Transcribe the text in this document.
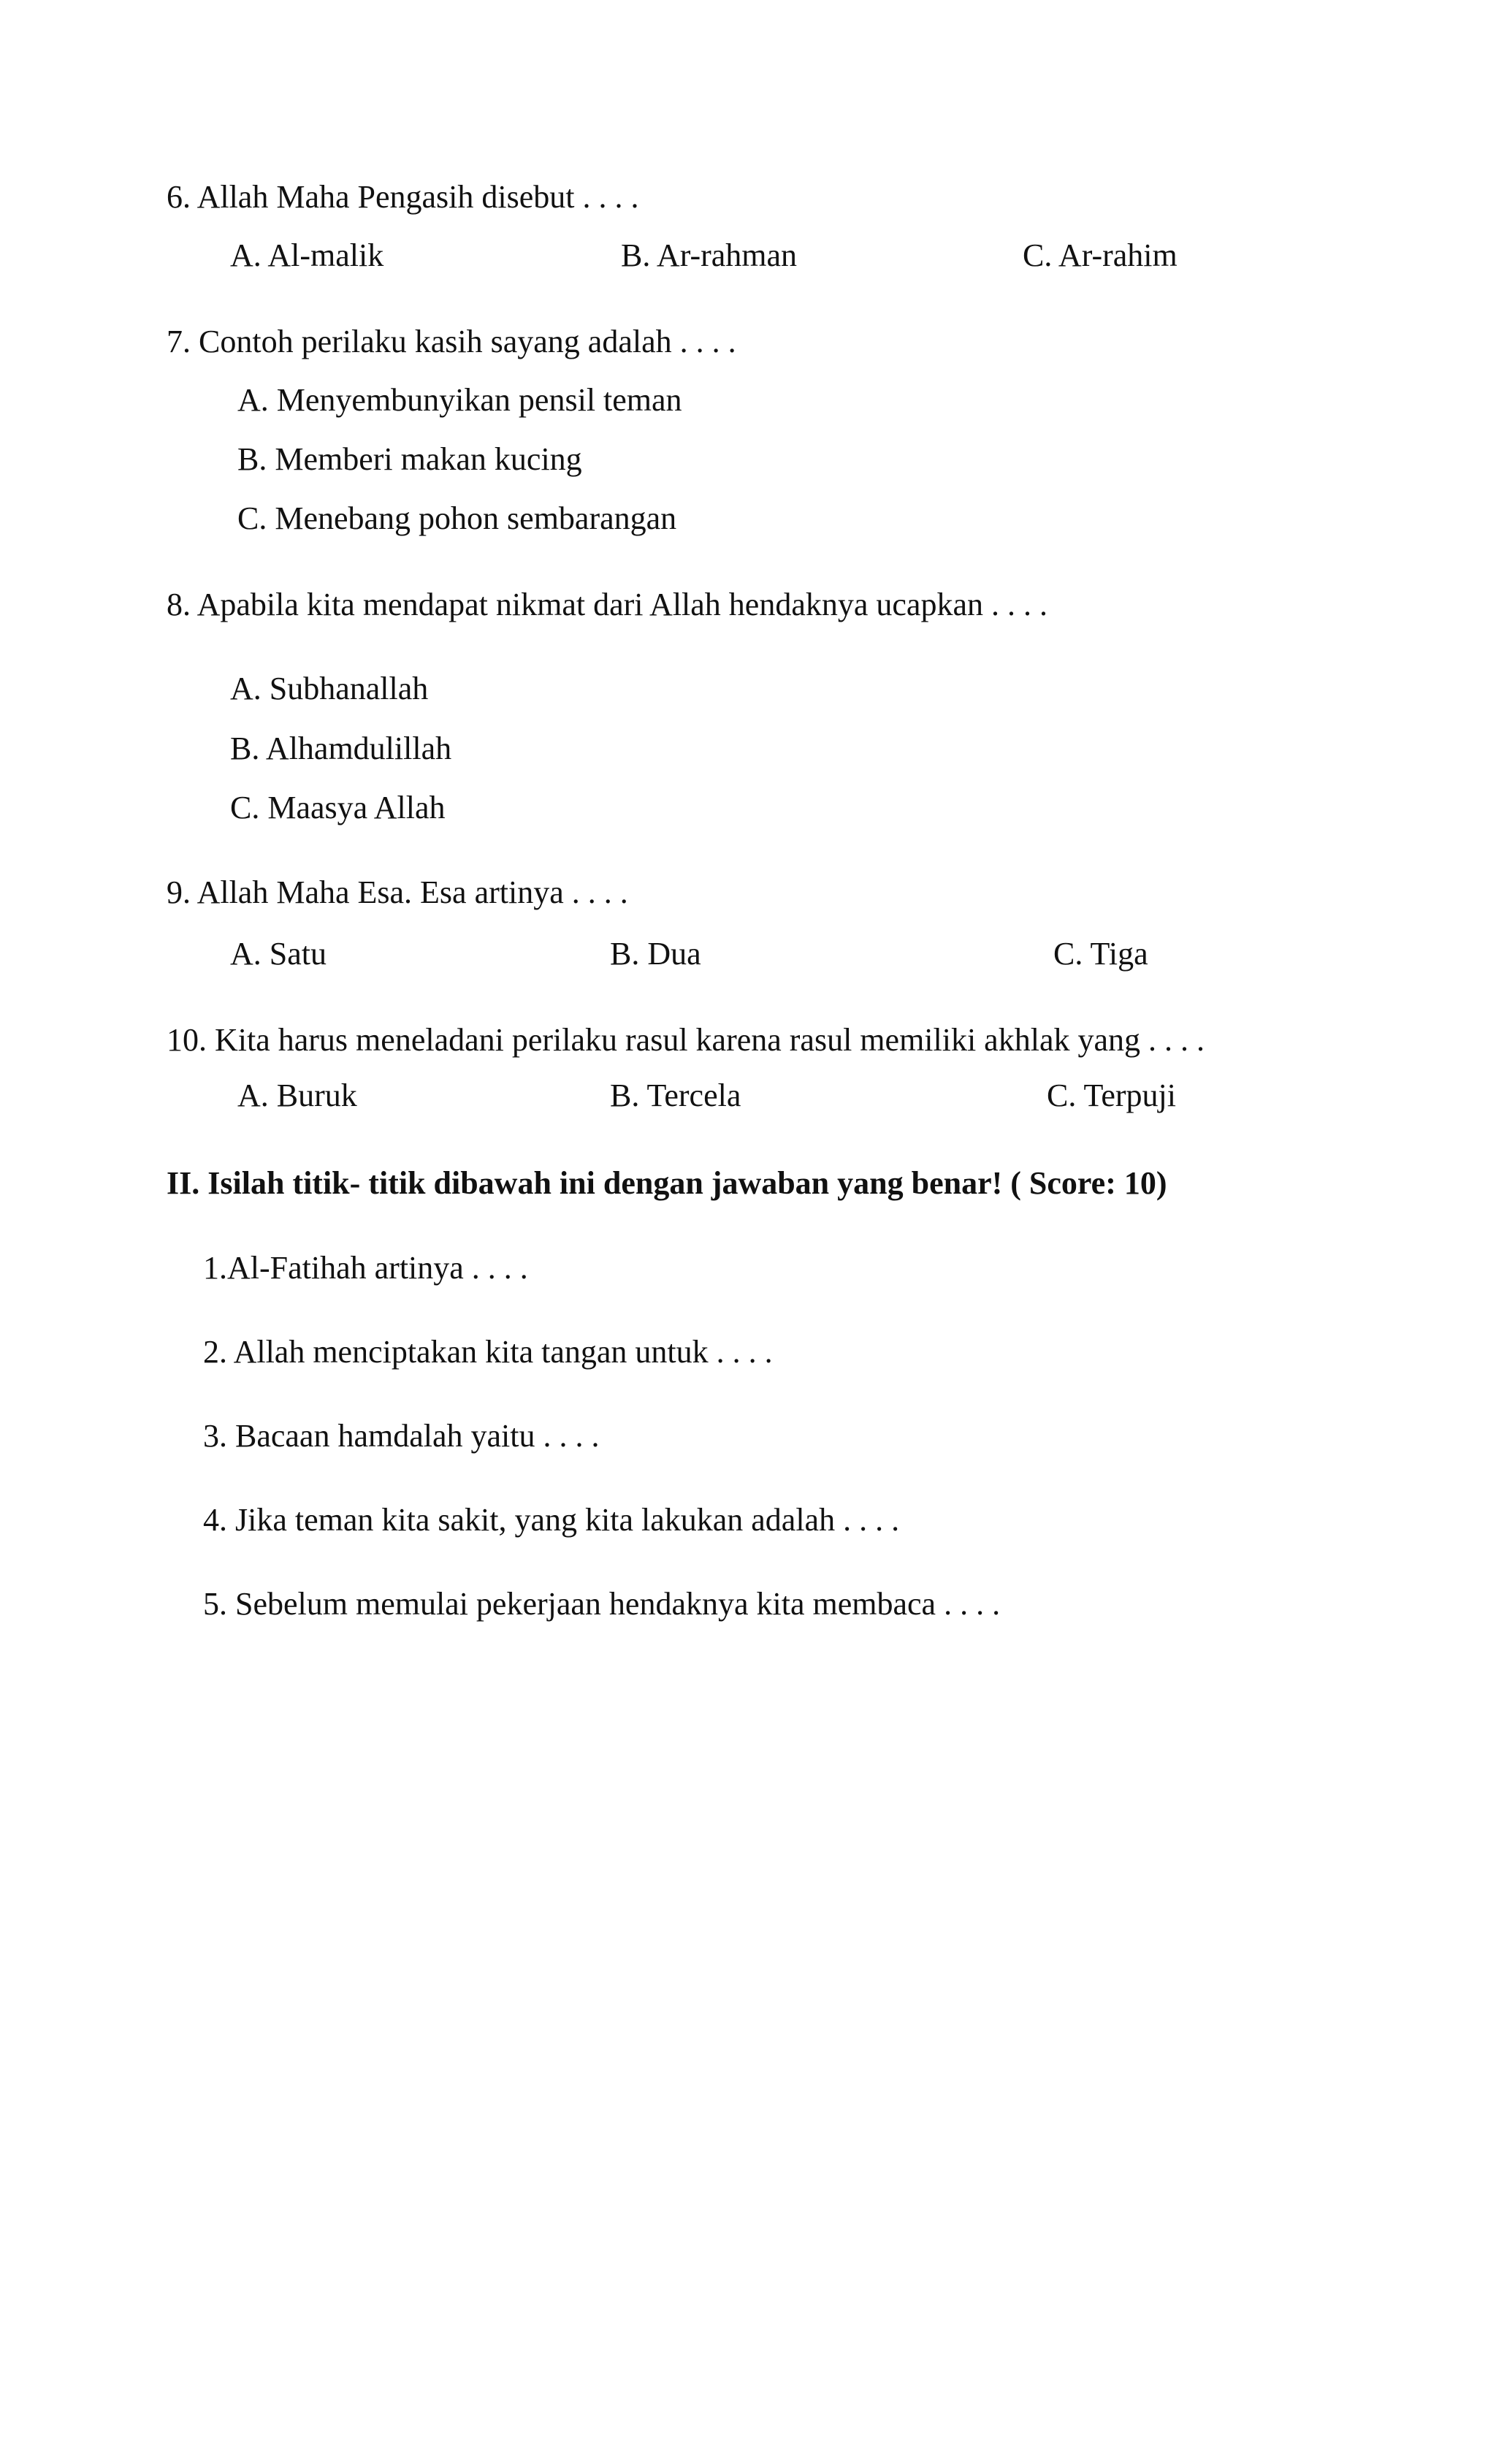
6. Allah Maha Pengasih disebut . . . .
A. Al-malik	B. Ar-rahman	C. Ar-rahim
7. Contoh perilaku kasih sayang adalah . . . .
A. Menyembunyikan pensil teman
B. Memberi makan kucing
C. Menebang pohon sembarangan
8. Apabila kita mendapat nikmat dari Allah hendaknya ucapkan . . . .
A. Subhanallah
B. Alhamdulillah
C. Maasya Allah
9. Allah Maha Esa. Esa artinya . . . .
A. Satu	B. Dua	C. Tiga
10. Kita harus meneladani perilaku rasul karena rasul memiliki akhlak yang . . . .
A. Buruk	B. Tercela	C. Terpuji
II. Isilah titik- titik dibawah ini dengan jawaban yang benar! ( Score: 10)
1.Al-Fatihah artinya . . . .
2. Allah menciptakan kita tangan untuk . . . .
3. Bacaan hamdalah yaitu . . . .
4. Jika teman kita sakit, yang kita lakukan adalah . . . .
5. Sebelum memulai pekerjaan hendaknya kita membaca . . . .
